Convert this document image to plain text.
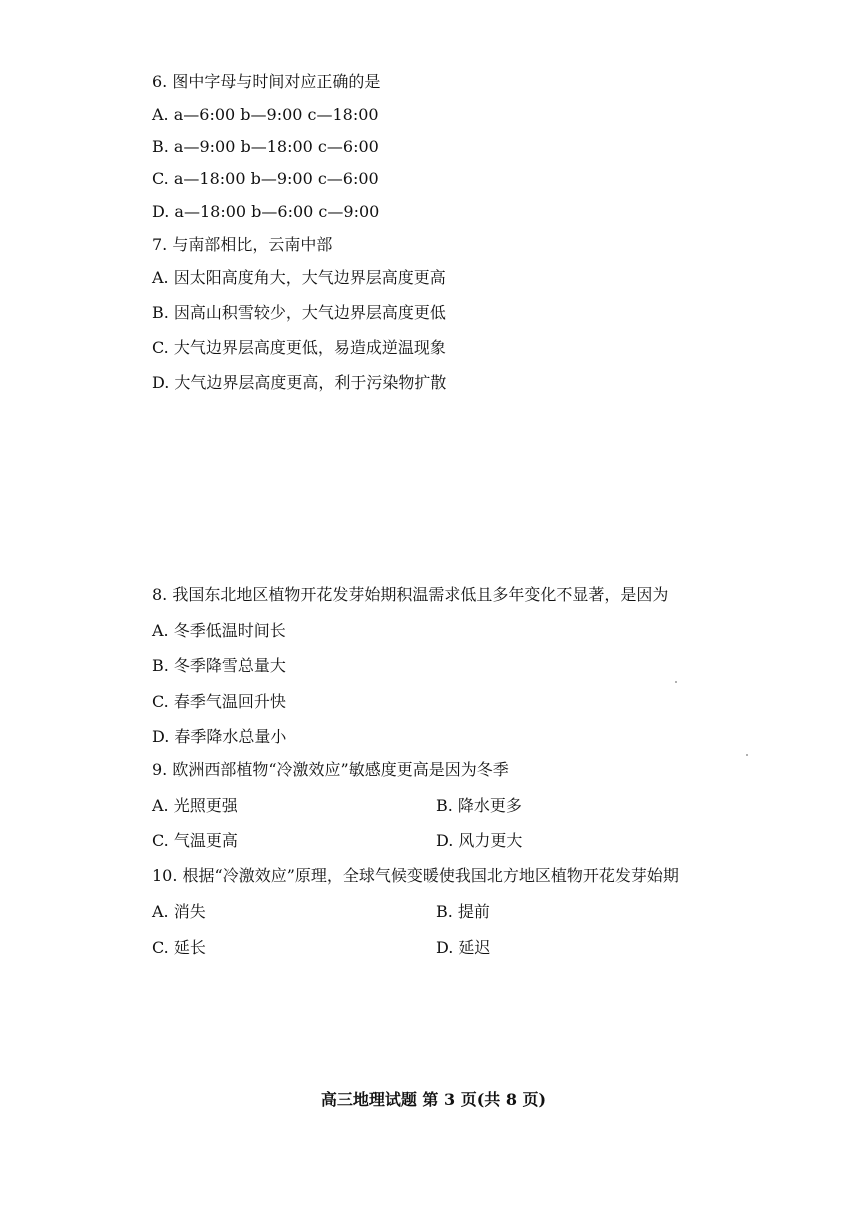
6. 图中字母与时间对应正确的是
A. a—6:00 b—9:00 c—18:00
B. a—9:00 b—18:00 c—6:00
C. a—18:00 b—9:00 c—6:00
D. a—18:00 b—6:00 c—9:00
7. 与南部相比，云南中部
A. 因太阳高度角大，大气边界层高度更高
B. 因高山积雪较少，大气边界层高度更低
C. 大气边界层高度更低，易造成逆温现象
D. 大气边界层高度更高，利于污染物扩散
8. 我国东北地区植物开花发芽始期积温需求低且多年变化不显著，是因为
A. 冬季低温时间长
B. 冬季降雪总量大
C. 春季气温回升快
D. 春季降水总量小
9. 欧洲西部植物“冷激效应”敏感度更高是因为冬季
A. 光照更强	B. 降水更多
C. 气温更高	D. 风力更大
10. 根据“冷激效应”原理，全球气候变暖使我国北方地区植物开花发芽始期
A. 消失	B. 提前
C. 延长	D. 延迟
高三地理试题 第 3 页(共 8 页)
